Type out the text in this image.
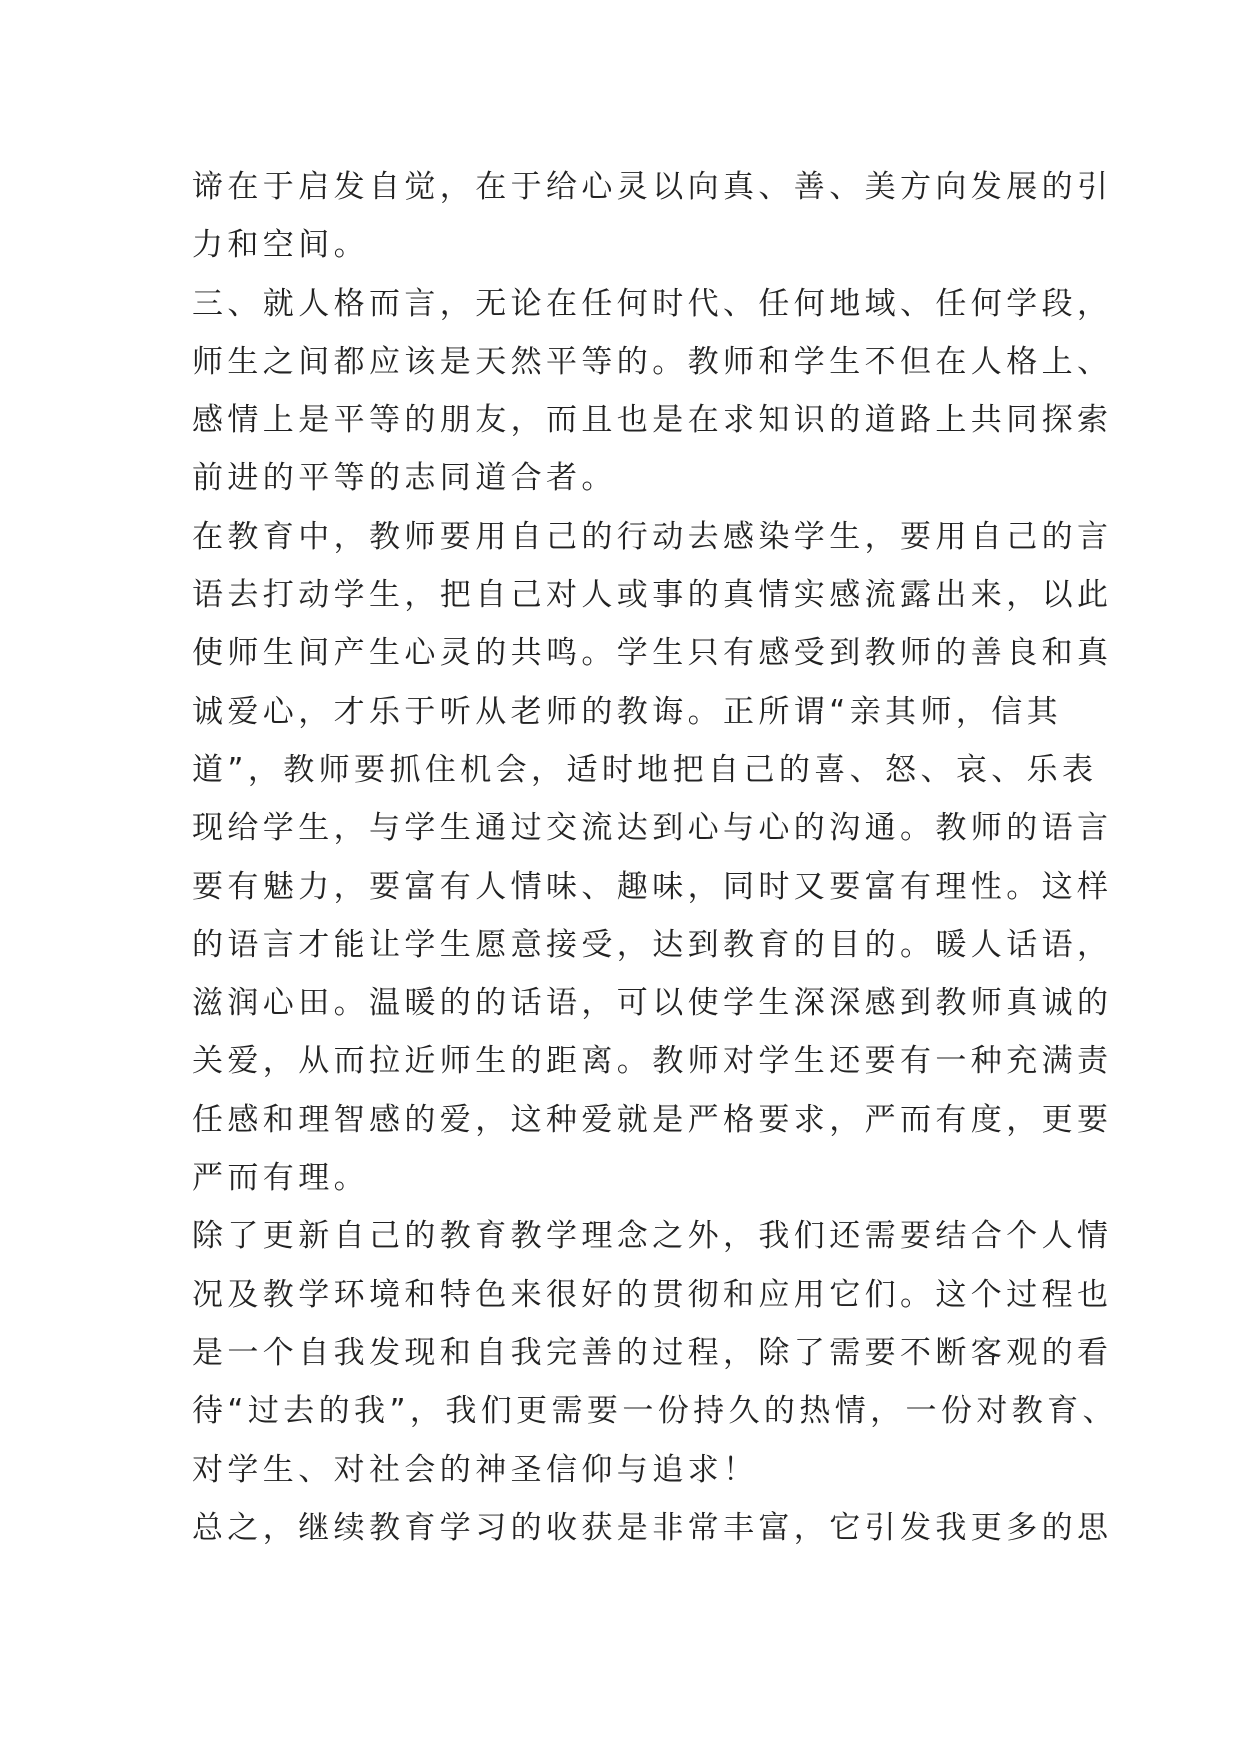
谛在于启发自觉，在于给心灵以向真、善、美方向发展的引

力和空间。

三、就人格而言，无论在任何时代、任何地域、任何学段，

师生之间都应该是天然平等的。教师和学生不但在人格上、

感情上是平等的朋友，而且也是在求知识的道路上共同探索

前进的平等的志同道合者。

在教育中，教师要用自己的行动去感染学生，要用自己的言

语去打动学生，把自己对人或事的真情实感流露出来，以此

使师生间产生心灵的共鸣。学生只有感受到教师的善良和真

诚爱心，才乐于听从老师的教诲。正所谓“亲其师，信其

道”，教师要抓住机会，适时地把自己的喜、怒、哀、乐表

现给学生，与学生通过交流达到心与心的沟通。教师的语言

要有魅力，要富有人情味、趣味，同时又要富有理性。这样

的语言才能让学生愿意接受，达到教育的目的。暖人话语，

滋润心田。温暖的的话语，可以使学生深深感到教师真诚的

关爱，从而拉近师生的距离。教师对学生还要有一种充满责

任感和理智感的爱，这种爱就是严格要求，严而有度，更要

严而有理。

除了更新自己的教育教学理念之外，我们还需要结合个人情

况及教学环境和特色来很好的贯彻和应用它们。这个过程也

是一个自我发现和自我完善的过程，除了需要不断客观的看

待“过去的我”，我们更需要一份持久的热情，一份对教育、

对学生、对社会的神圣信仰与追求！

总之，继续教育学习的收获是非常丰富，它引发我更多的思
